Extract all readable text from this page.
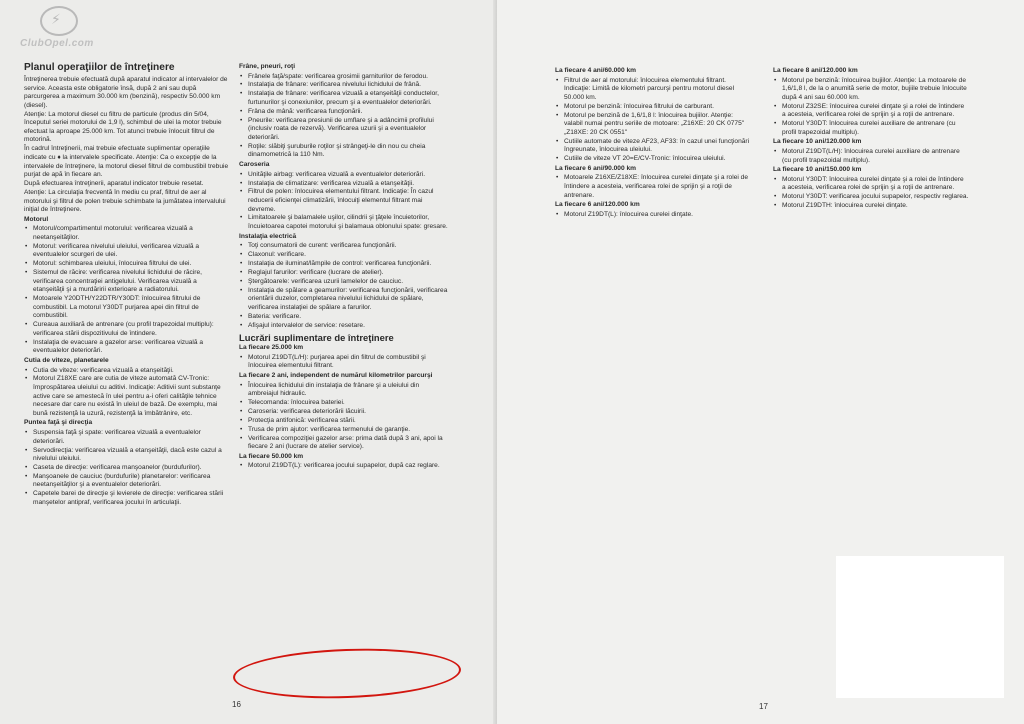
⚡
ClubOpel.com
Planul operaţiilor de întreţinere

Întreţinerea trebuie efectuată după aparatul indicator al intervalelor de service. Aceasta este obligatorie însă, după 2 ani sau după parcurgerea a maximum 30.000 km (benzină), respectiv 50.000 km (diesel).

Atenţie: La motorul diesel cu filtru de particule (produs din 5/04, începutul seriei motorului de 1,9 l), schimbul de ulei la motor trebuie efectuat la aproape 25.000 km. Tot atunci trebuie înlocuit filtrul de motorină.

În cadrul întreţinerii, mai trebuie efectuate suplimentar operaţiile indicate cu ♦ la intervalele specificate. Atenţie: Ca o excepţie de la intervalele de întreţinere, la motorul diesel filtrul de combustibil trebuie purjat de apă în fiecare an.

După efectuarea întreţinerii, aparatul indicator trebuie resetat.

Atenţie: La circulaţia frecventă în mediu cu praf, filtrul de aer al motorului şi filtrul de polen trebuie schimbate la jumătatea intervalului iniţial de întreţinere.

Motorul
• Motorul/compartimentul motorului: verificarea vizuală a neetanşeităţilor.
• Motorul: verificarea nivelului uleiului, verificarea vizuală a eventualelor scurgeri de ulei.
• Motorul: schimbarea uleiului, înlocuirea filtrului de ulei.
• Sistemul de răcire: verificarea nivelului lichidului de răcire, verificarea concentraţiei antigelului. Verificarea vizuală a etanşeităţii şi a murdăririi exterioare a radiatorului.
• Motoarele Y20DTH/Y22DTR/Y30DT: înlocuirea filtrului de combustibil. La motorul Y30DT purjarea apei din filtrul de combustibil.
• Cureaua auxiliară de antrenare (cu profil trapezoidal multiplu): verificarea stării dispozitivului de întindere.
• Instalaţia de evacuare a gazelor arse: verificarea vizuală a eventualelor deteriorări.
Cutia de viteze, planetarele
• Cutia de viteze: verificarea vizuală a etanşeităţii.
• Motorul Z18XE care are cutia de viteze automată CV-Tronic: împrospătarea uleiului cu aditivi. Indicaţie: Aditivii sunt substanţe active care se amestecă în ulei pentru a-i oferi calităţile tehnice necesare dar care nu există în uleiul de bază. De exemplu, mai bună rezistenţă la uzură, rezistenţă la îmbătrânire, etc.
Puntea faţă şi direcţia
• Suspensia faţă şi spate: verificarea vizuală a eventualelor deteriorări.
• Servodirecţia: verificarea vizuală a etanşeităţii, dacă este cazul a nivelului uleiului.
• Caseta de direcţie: verificarea manşoanelor (burdufurilor).
• Manşoanele de cauciuc (burdufurile) planetarelor: verificarea neetanşeităţilor şi a eventualelor deteriorări.
• Capetele barei de direcţie şi levierele de direcţie: verificarea stării manşetelor antipraf, verificarea jocului în articulaţii.
Frâne, pneuri, roţi
• Frânele faţă/spate: verificarea grosimii garniturilor de ferodou.
• Instalaţia de frânare: verificarea nivelului lichidului de frână.
• Instalaţia de frânare: verificarea vizuală a etanşeităţii conductelor, furtunurilor şi conexiunilor, precum şi a eventualelor deteriorări.
• Frâna de mână: verificarea funcţionării.
• Pneurile: verificarea presiunii de umflare şi a adâncimii profilului (inclusiv roata de rezervă). Verificarea uzurii şi a eventualelor deteriorări.
• Roţile: slăbiţi şuruburile roţilor şi strângeţi-le din nou cu cheia dinamometrică la 110 Nm.
Caroseria
• Unităţile airbag: verificarea vizuală a eventualelor deteriorări.
• Instalaţia de climatizare: verificarea vizuală a etanşeităţii.
• Filtrul de polen: înlocuirea elementului filtrant. Indicaţie: În cazul reducerii eficienţei climatizării, înlocuiţi elementul filtrant mai devreme.
• Limitatoarele şi balamalele uşilor, cilindrii şi ţâţele încuietorilor, încuietoarea capotei motorului şi balamaua oblonului spate: gresare.
Instalaţia electrică
• Toţi consumatorii de curent: verificarea funcţionării.
• Claxonul: verificare.
• Instalaţia de iluminat/lămpile de control: verificarea funcţionării.
• Reglajul farurilor: verificare (lucrare de atelier).
• Ştergătoarele: verificarea uzurii lamelelor de cauciuc.
• Instalaţia de spălare a geamurilor: verificarea funcţionării, verificarea orientării duzelor, completarea nivelului lichidului de spălare, verificarea instalaţiei de spălare a farurilor.
• Bateria: verificare.
• Afişajul intervalelor de service: resetare.
Lucrări suplimentare de întreţinere
La fiecare 25.000 km
• Motorul Z19DT(L/H): purjarea apei din filtrul de combustibil şi înlocuirea elementului filtrant.
La fiecare 2 ani, independent de numărul kilometrilor parcurşi
• Înlocuirea lichidului din instalaţia de frânare şi a uleiului din ambreiajul hidraulic.
• Telecomanda: înlocuirea bateriei.
• Caroseria: verificarea deteriorării lăcuirii.
• Protecţia antifonică: verificarea stării.
• Trusa de prim ajutor: verificarea termenului de garanţie.
• Verificarea compoziţiei gazelor arse: prima dată după 3 ani, apoi la fiecare 2 ani (lucrare de atelier service).
La fiecare 50.000 km
• Motorul Z19DT(L): verificarea jocului supapelor, după caz reglare.
16
La fiecare 4 ani/60.000 km
• Filtrul de aer al motorului: înlocuirea elementului filtrant. Indicaţie: Limită de kilometri parcurşi pentru motorul diesel 50.000 km.
• Motorul pe benzină: înlocuirea filtrului de carburant.
• Motorul pe benzină de 1,6/1,8 l: înlocuirea bujiilor. Atenţie: valabil numai pentru seriile de motoare: „Z16XE: 20 CK 0775" „Z18XE: 20 CK 0551"
• Cutiile automate de viteze AF23, AF33: în cazul unei funcţionări îngreunate, înlocuirea uleiului.
• Cutiile de viteze VT 20=E/CV-Tronic: înlocuirea uleiului.
La fiecare 6 ani/90.000 km
• Motoarele Z16XE/Z18XE: înlocuirea curelei dinţate şi a rolei de întindere a acesteia, verificarea rolei de sprijin şi a roţii de antrenare.
La fiecare 6 ani/120.000 km
• Motorul Z19DT(L): înlocuirea curelei dinţate.
La fiecare 8 ani/120.000 km
• Motorul pe benzină: înlocuirea bujiilor. Atenţie: La motoarele de 1,6/1,8 l, de la o anumită serie de motor, bujiile trebuie înlocuite după 4 ani sau 60.000 km.
• Motorul Z32SE: înlocuirea curelei dinţate şi a rolei de întindere a acesteia, verificarea rolei de sprijin şi a roţii de antrenare.
• Motorul Y30DT: înlocuirea curelei auxiliare de antrenare (cu profil trapezoidal multiplu).
La fiecare 10 ani/120.000 km
• Motorul Z19DT(L/H): înlocuirea curelei auxiliare de antrenare (cu profil trapezoidal multiplu).
La fiecare 10 ani/150.000 km
• Motorul Y30DT: înlocuirea curelei dinţate şi a rolei de întindere a acesteia, verificarea rolei de sprijin şi a roţii de antrenare.
• Motorul Y30DT: verificarea jocului supapelor, respectiv reglarea.
• Motorul Z19DTH: înlocuirea curelei dinţate.
17
